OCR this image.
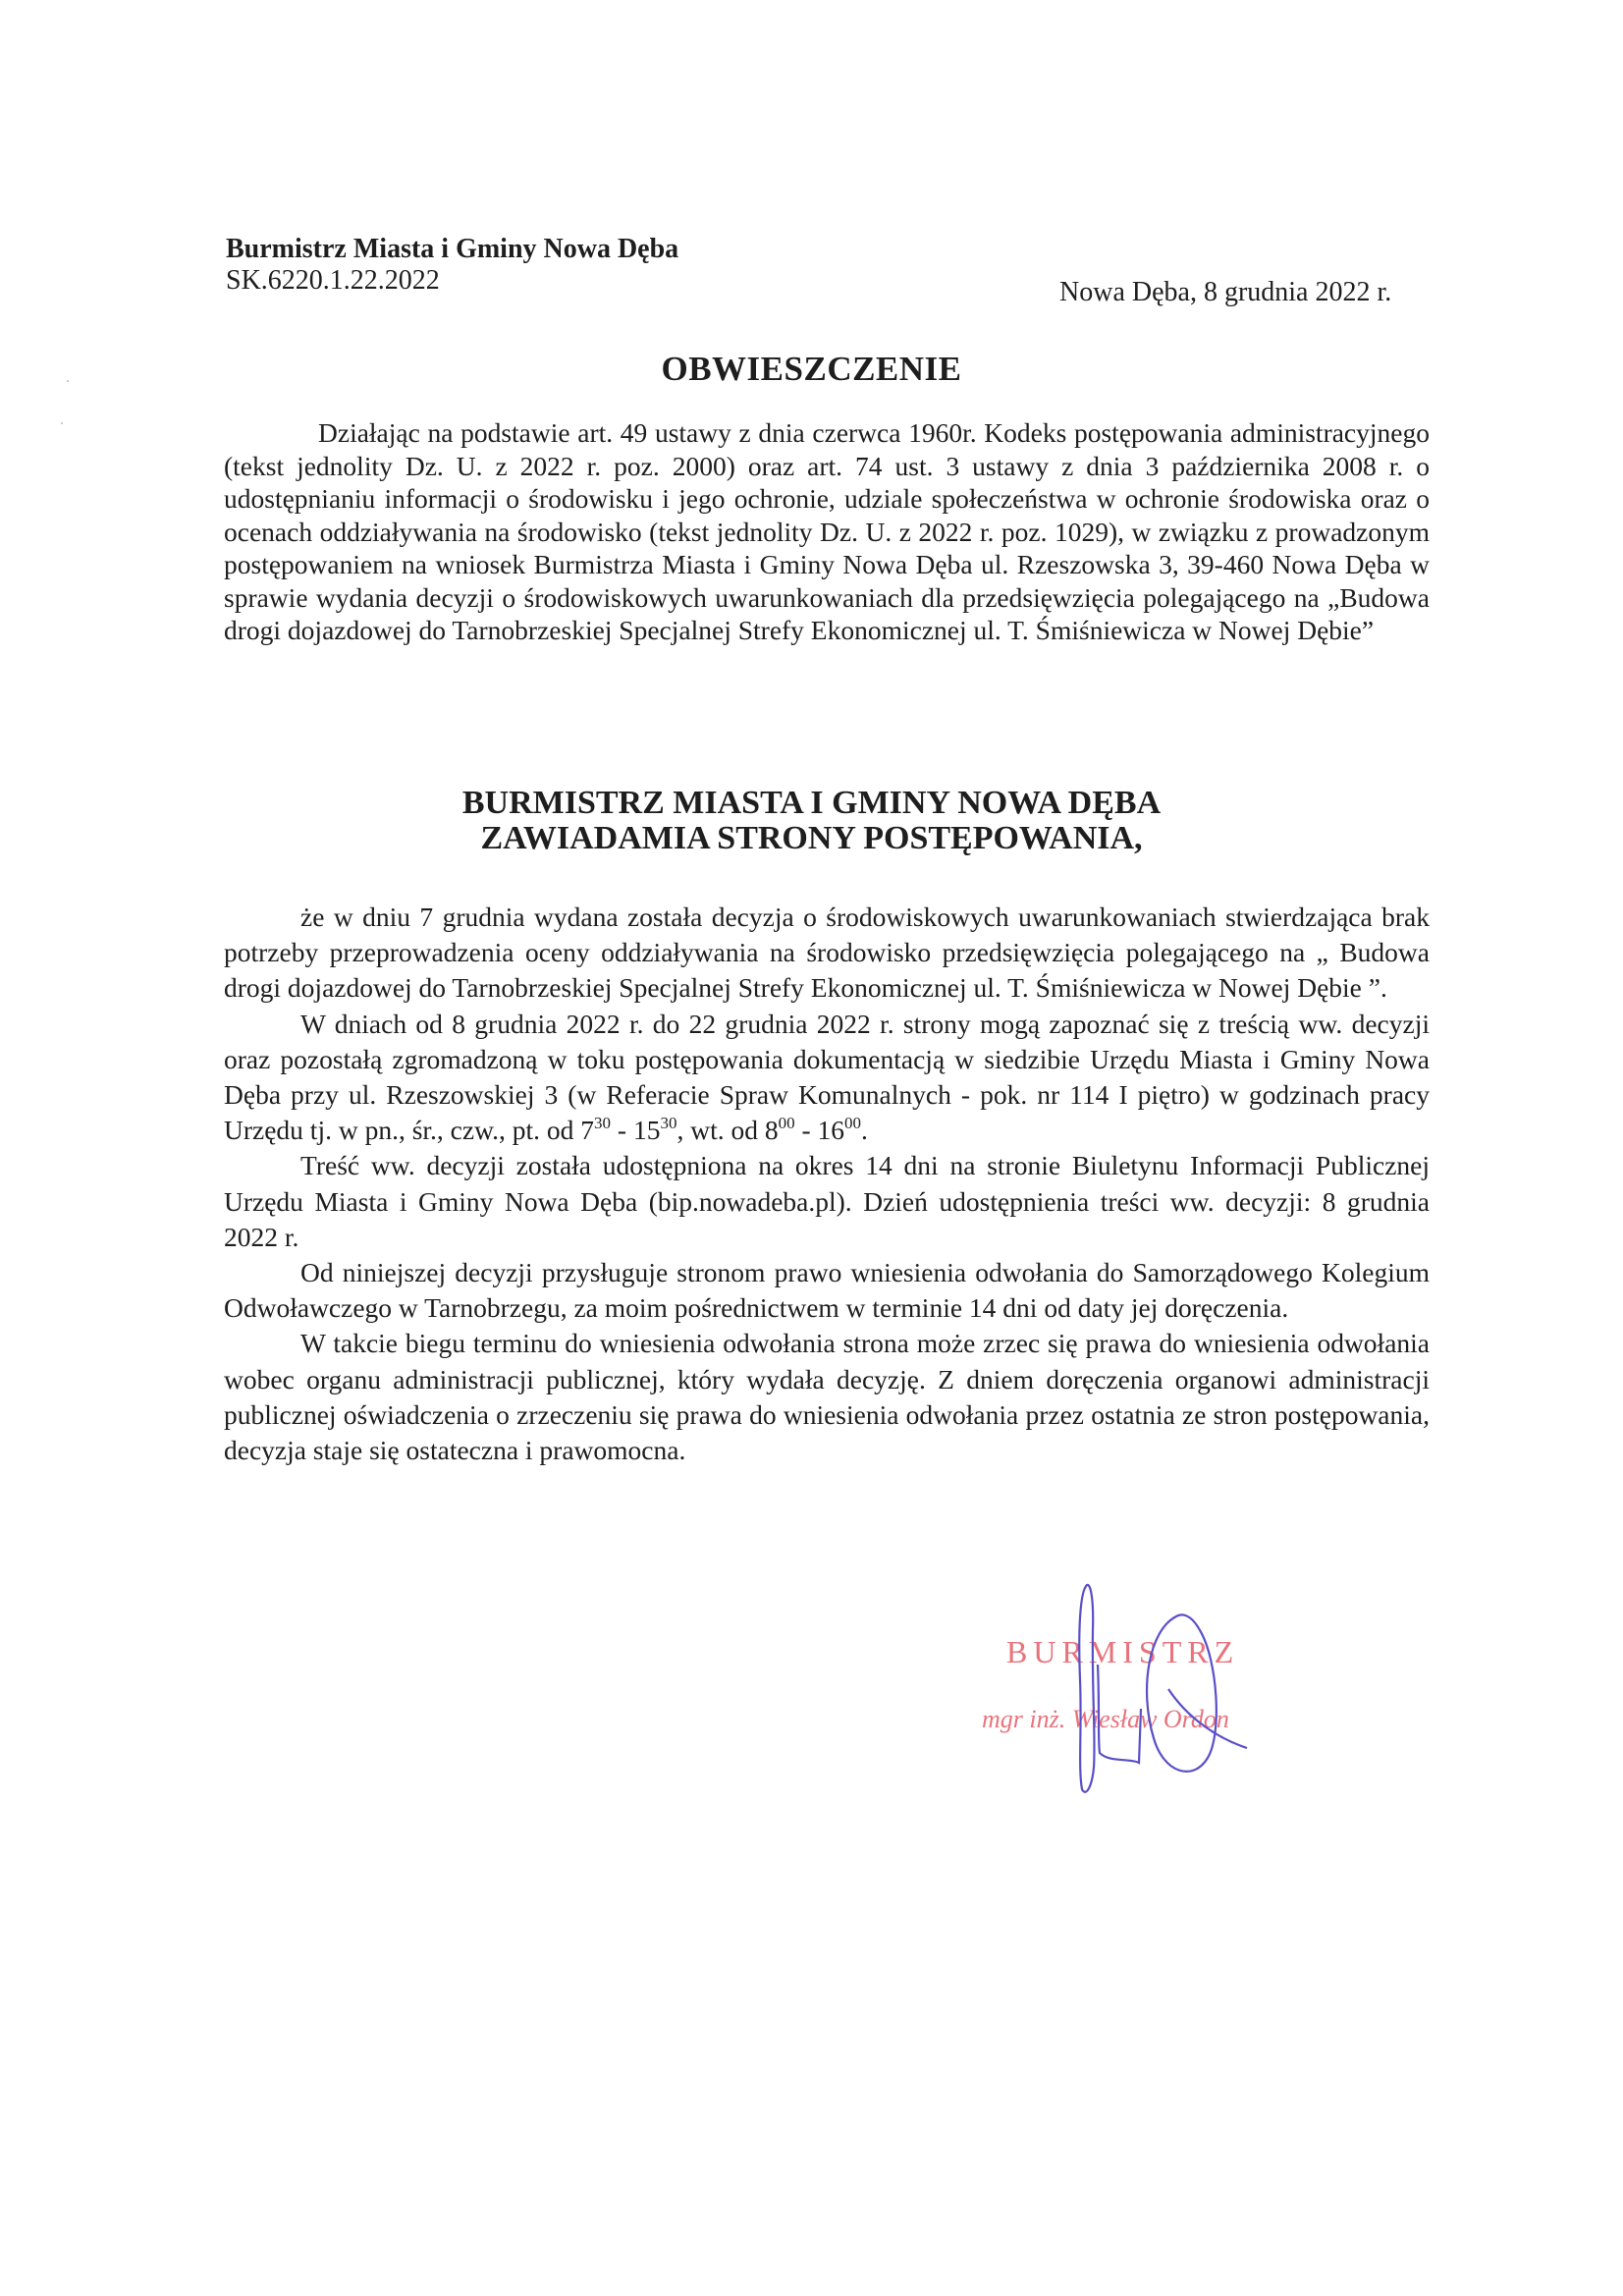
Burmistrz Miasta i Gminy Nowa Dęba
SK.6220.1.22.2022	Nowa Dęba, 8 grudnia 2022 r.
OBWIESZCZENIE

Działając na podstawie art. 49 ustawy z dnia czerwca 1960r. Kodeks postępowania administracyjnego (tekst jednolity Dz. U. z 2022 r. poz. 2000) oraz art. 74 ust. 3 ustawy z dnia 3 października 2008 r. o udostępnianiu informacji o środowisku i jego ochronie, udziale społeczeństwa w ochronie środowiska oraz o ocenach oddziaływania na środowisko (tekst jednolity Dz. U. z 2022 r. poz. 1029), w związku z prowadzonym postępowaniem na wniosek Burmistrza Miasta i Gminy Nowa Dęba ul. Rzeszowska 3, 39-460 Nowa Dęba w sprawie wydania decyzji o środowiskowych uwarunkowaniach dla przedsięwzięcia polegającego na „Budowa drogi dojazdowej do Tarnobrzeskiej Specjalnej Strefy Ekonomicznej ul. T. Śmiśniewicza w Nowej Dębie”

BURMISTRZ MIASTA I GMINY NOWA DĘBA
ZAWIADAMIA STRONY POSTĘPOWANIA,

że w dniu 7 grudnia wydana została decyzja o środowiskowych uwarunkowaniach stwierdzająca brak potrzeby przeprowadzenia oceny oddziaływania na środowisko przedsięwzięcia polegającego na „ Budowa drogi dojazdowej do Tarnobrzeskiej Specjalnej Strefy Ekonomicznej ul. T. Śmiśniewicza w Nowej Dębie ”.

W dniach od 8 grudnia 2022 r. do 22 grudnia 2022 r. strony mogą zapoznać się z treścią ww. decyzji oraz pozostałą zgromadzoną w toku postępowania dokumentacją w siedzibie Urzędu Miasta i Gminy Nowa Dęba przy ul. Rzeszowskiej 3 (w Referacie Spraw Komunalnych - pok. nr 114 I piętro) w godzinach pracy Urzędu tj. w pn., śr., czw., pt. od $7^{30} - 15^{30}$, wt. od $8^{00} - 16^{00}$.

Treść ww. decyzji została udostępniona na okres 14 dni na stronie Biuletynu Informacji Publicznej Urzędu Miasta i Gminy Nowa Dęba (bip.nowadeba.pl). Dzień udostępnienia treści ww. decyzji: 8 grudnia 2022 r.

Od niniejszej decyzji przysługuje stronom prawo wniesienia odwołania do Samorządowego Kolegium Odwoławczego w Tarnobrzegu, za moim pośrednictwem w terminie 14 dni od daty jej doręczenia.

W takcie biegu terminu do wniesienia odwołania strona może zrzec się prawa do wniesienia odwołania wobec organu administracji publicznej, który wydała decyzję. Z dniem doręczenia organowi administracji publicznej oświadczenia o zrzeczeniu się prawa do wniesienia odwołania przez ostatnia ze stron postępowania, decyzja staje się ostateczna i prawomocna.

BURMISTRZ
mgr inż. Wiesław Ordon
